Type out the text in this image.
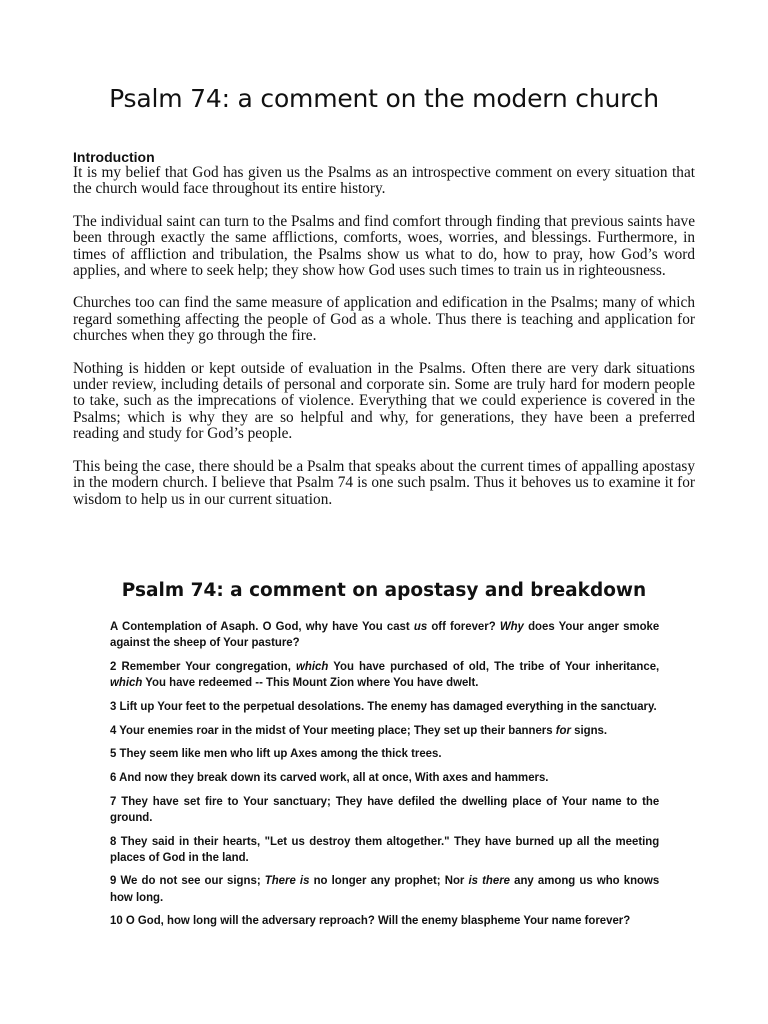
Psalm 74: a comment on the modern church
Introduction

It is my belief that God has given us the Psalms as an introspective comment on every situation that the church would face throughout its entire history.

The individual saint can turn to the Psalms and find comfort through finding that previous saints have been through exactly the same afflictions, comforts, woes, worries, and blessings. Furthermore, in times of affliction and tribulation, the Psalms show us what to do, how to pray, how God’s word applies, and where to seek help; they show how God uses such times to train us in righteousness.

Churches too can find the same measure of application and edification in the Psalms; many of which regard something affecting the people of God as a whole. Thus there is teaching and application for churches when they go through the fire.

Nothing is hidden or kept outside of evaluation in the Psalms. Often there are very dark situations under review, including details of personal and corporate sin. Some are truly hard for modern people to take, such as the imprecations of violence. Everything that we could experience is covered in the Psalms; which is why they are so helpful and why, for generations, they have been a preferred reading and study for God’s people.

This being the case, there should be a Psalm that speaks about the current times of appalling apostasy in the modern church. I believe that Psalm 74 is one such psalm. Thus it behoves us to examine it for wisdom to help us in our current situation.

Psalm 74: a comment on apostasy and breakdown

A Contemplation of Asaph. O God, why have You cast us off forever? Why does Your anger smoke against the sheep of Your pasture?

2 Remember Your congregation, which You have purchased of old, The tribe of Your inheritance, which You have redeemed -- This Mount Zion where You have dwelt.

3 Lift up Your feet to the perpetual desolations. The enemy has damaged everything in the sanctuary.

4 Your enemies roar in the midst of Your meeting place; They set up their banners for signs.

5 They seem like men who lift up Axes among the thick trees.

6 And now they break down its carved work, all at once, With axes and hammers.

7 They have set fire to Your sanctuary; They have defiled the dwelling place of Your name to the ground.

8 They said in their hearts, "Let us destroy them altogether." They have burned up all the meeting places of God in the land.

9 We do not see our signs; There is no longer any prophet; Nor is there any among us who knows how long.

10 O God, how long will the adversary reproach? Will the enemy blaspheme Your name forever?
